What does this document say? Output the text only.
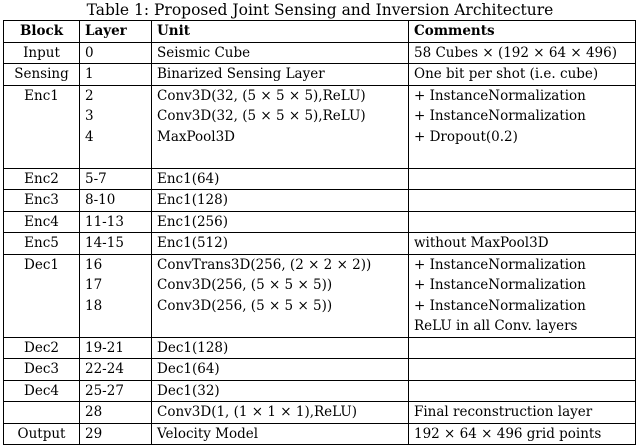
Table 1: Proposed Joint Sensing and Inversion Architecture
Block	Layer	Unit	Comments
Input	0	Seismic Cube	58 Cubes × (192 × 64 × 496)
Sensing	1	Binarized Sensing Layer	One bit per shot (i.e. cube)
Enc1	2	Conv3D(32, (5 × 5 × 5),ReLU)	+ InstanceNormalization
	3	Conv3D(32, (5 × 5 × 5),ReLU)	+ InstanceNormalization
	4	MaxPool3D	+ Dropout(0.2)

Enc2	5-7	Enc1(64)	
Enc3	8-10	Enc1(128)	
Enc4	11-13	Enc1(256)	
Enc5	14-15	Enc1(512)	without MaxPool3D
Dec1	16	ConvTrans3D(256, (2 × 2 × 2))	+ InstanceNormalization
	17	Conv3D(256, (5 × 5 × 5))	+ InstanceNormalization
	18	Conv3D(256, (5 × 5 × 5))	+ InstanceNormalization
			ReLU in all Conv. layers
Dec2	19-21	Dec1(128)	
Dec3	22-24	Dec1(64)	
Dec4	25-27	Dec1(32)	
	28	Conv3D(1, (1 × 1 × 1),ReLU)	Final reconstruction layer
Output	29	Velocity Model	192 × 64 × 496 grid points
